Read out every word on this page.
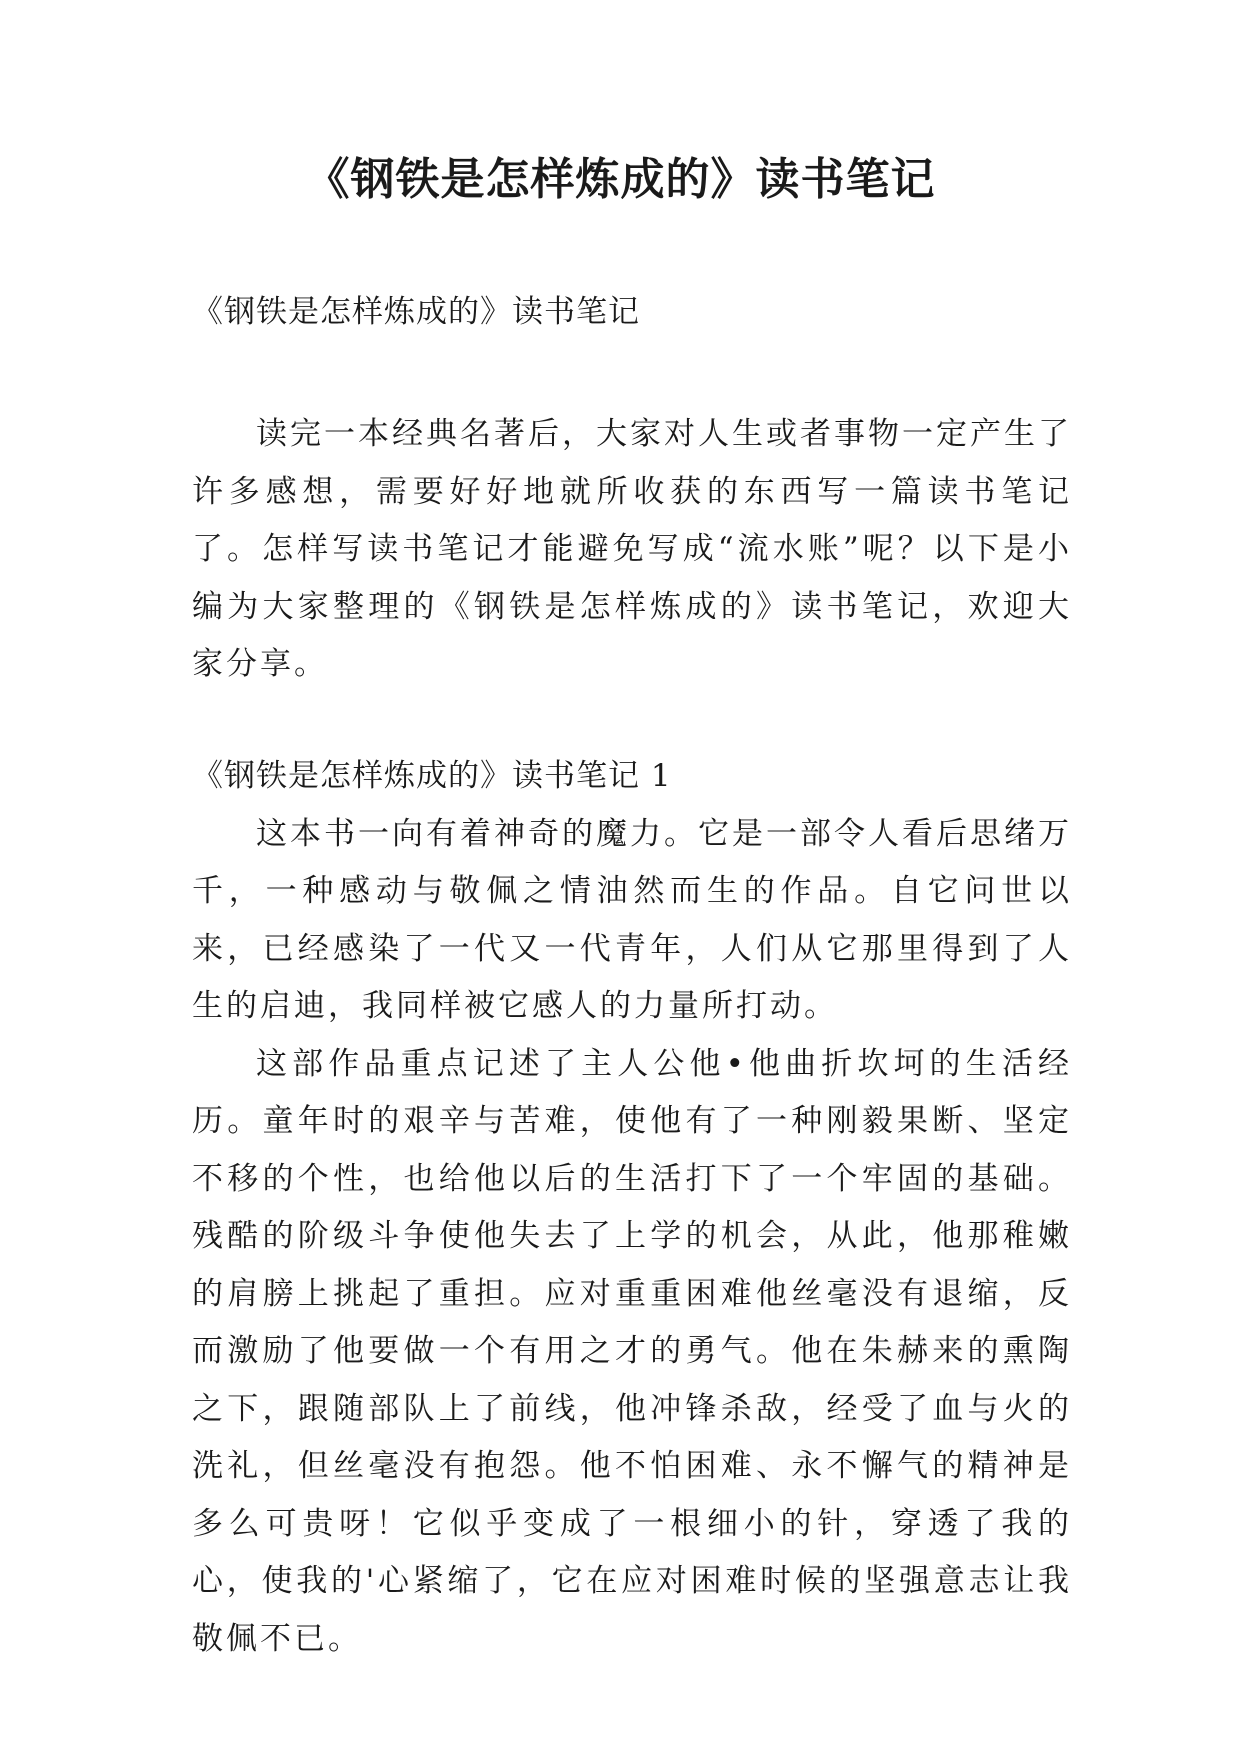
《钢铁是怎样炼成的》读书笔记

《钢铁是怎样炼成的》读书笔记

读完一本经典名著后，大家对人生或者事物一定产生了许多感想，需要好好地就所收获的东西写一篇读书笔记了。怎样写读书笔记才能避免写成“流水账”呢？以下是小编为大家整理的《钢铁是怎样炼成的》读书笔记，欢迎大家分享。

《钢铁是怎样炼成的》读书笔记 1

这本书一向有着神奇的魔力。它是一部令人看后思绪万千，一种感动与敬佩之情油然而生的作品。自它问世以来，已经感染了一代又一代青年，人们从它那里得到了人生的启迪，我同样被它感人的力量所打动。

这部作品重点记述了主人公他•他曲折坎坷的生活经历。童年时的艰辛与苦难，使他有了一种刚毅果断、坚定不移的个性，也给他以后的生活打下了一个牢固的基础。残酷的阶级斗争使他失去了上学的机会，从此，他那稚嫩的肩膀上挑起了重担。应对重重困难他丝毫没有退缩，反而激励了他要做一个有用之才的勇气。他在朱赫来的熏陶之下，跟随部队上了前线，他冲锋杀敌，经受了血与火的洗礼，但丝毫没有抱怨。他不怕困难、永不懈气的精神是多么可贵呀！它似乎变成了一根细小的针，穿透了我的心，使我的'心紧缩了，它在应对困难时候的坚强意志让我敬佩不已。
